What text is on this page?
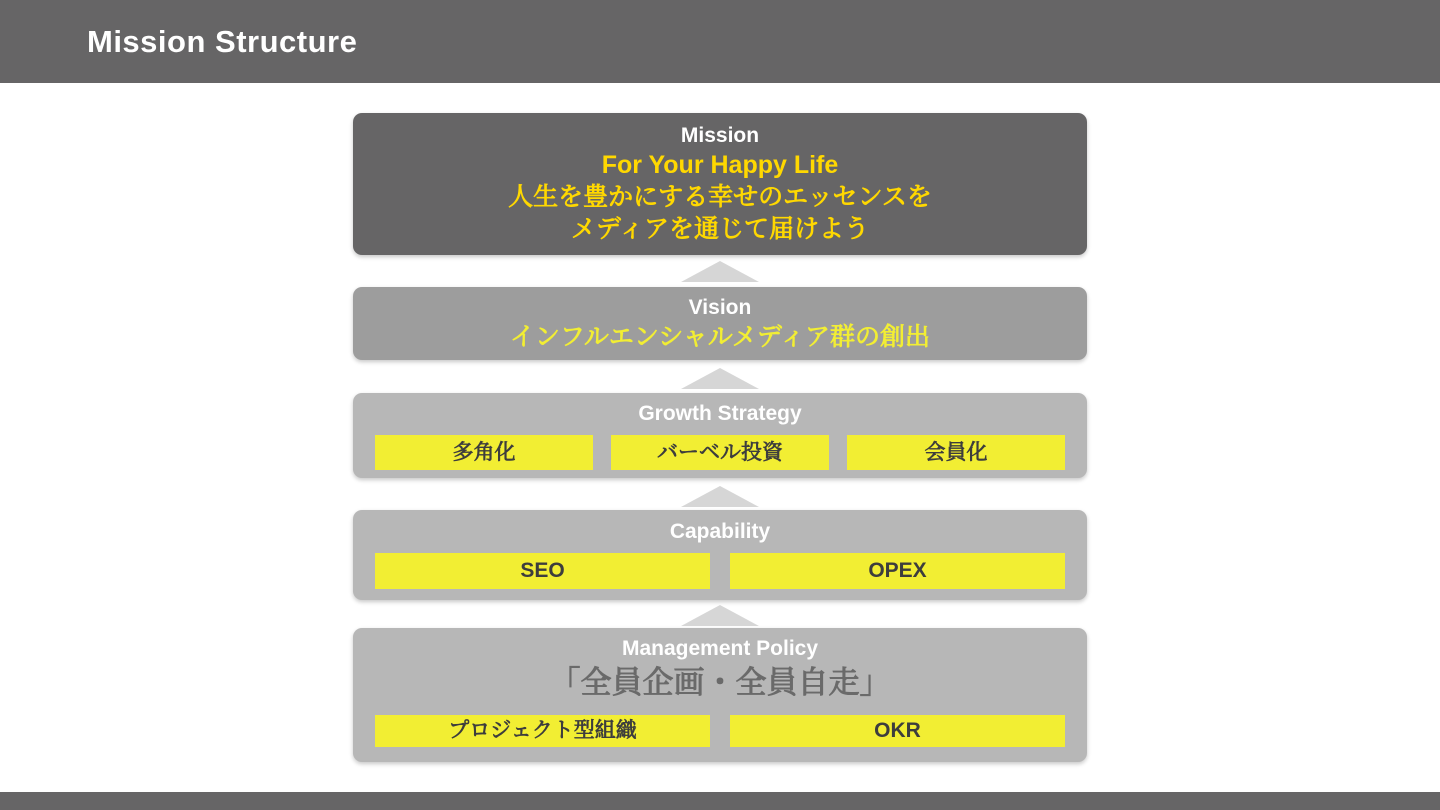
Mission Structure
Mission
For Your Happy Life
人生を豊かにする幸せのエッセンスを
メディアを通じて届けよう
Vision
インフルエンシャルメディア群の創出
Growth Strategy
多角化	バーベル投資	会員化
Capability
SEO	OPEX
Management Policy
「全員企画・全員自走」
プロジェクト型組織	OKR
